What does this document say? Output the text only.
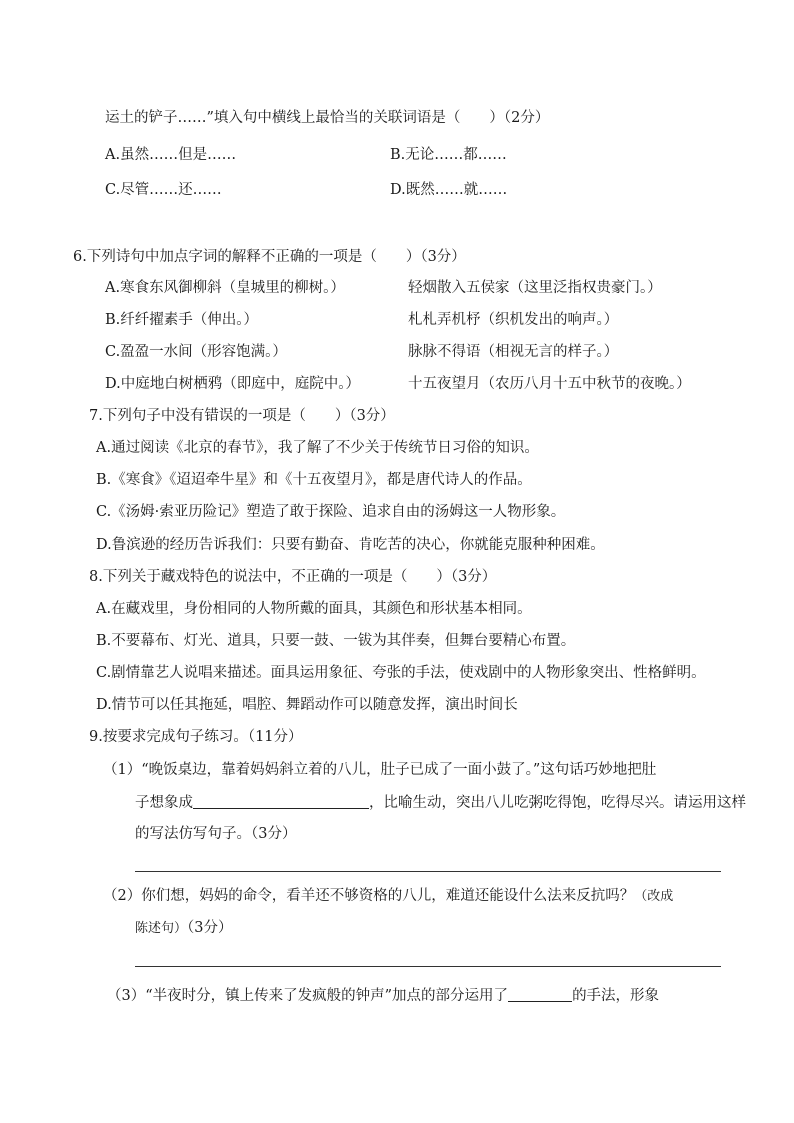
运土的铲子……”填入句中横线上最恰当的关联词语是（　　）（2分）
A.虽然……但是……	B.无论……都……
C.尽管……还……	D.既然……就……
6.下列诗句中加点字词的解释不正确的一项是（　　）（3分）
A.寒食东风御柳斜（皇城里的柳树。）	轻烟散入五侯家（这里泛指权贵豪门。）
B.纤纤擢素手（伸出。）	札札弄机杼（织机发出的响声。）
C.盈盈一水间（形容饱满。）	脉脉不得语（相视无言的样子。）
D.中庭地白树栖鸦（即庭中，庭院中。）	十五夜望月（农历八月十五中秋节的夜晚。）
7.下列句子中没有错误的一项是（　　）（3分）
A.通过阅读《北京的春节》，我了解了不少关于传统节日习俗的知识。
B.《寒食》《迢迢牵牛星》和《十五夜望月》，都是唐代诗人的作品。
C.《汤姆·索亚历险记》塑造了敢于探险、追求自由的汤姆这一人物形象。
D.鲁滨逊的经历告诉我们：只要有勤奋、肯吃苦的决心，你就能克服种种困难。
8.下列关于藏戏特色的说法中，不正确的一项是（　　）（3分）
A.在藏戏里，身份相同的人物所戴的面具，其颜色和形状基本相同。
B.不要幕布、灯光、道具，只要一鼓、一钹为其伴奏，但舞台要精心布置。
C.剧情靠艺人说唱来描述。面具运用象征、夸张的手法，使戏剧中的人物形象突出、性格鲜明。
D.情节可以任其拖延，唱腔、舞蹈动作可以随意发挥，演出时间长
9.按要求完成句子练习。（11分）
（1）“晚饭桌边，靠着妈妈斜立着的八儿，肚子已成了一面小鼓了。”这句话巧妙地把肚
子想象成	，比喻生动，突出八儿吃粥吃得饱，吃得尽兴。请运用这样
的写法仿写句子。（3分）
（2）你们想，妈妈的命令，看羊还不够资格的八儿，难道还能设什么法来反抗吗？（改成
陈述句）（3分）
（3）“半夜时分，镇上传来了发疯般的钟声”加点的部分运用了	的手法，形象
